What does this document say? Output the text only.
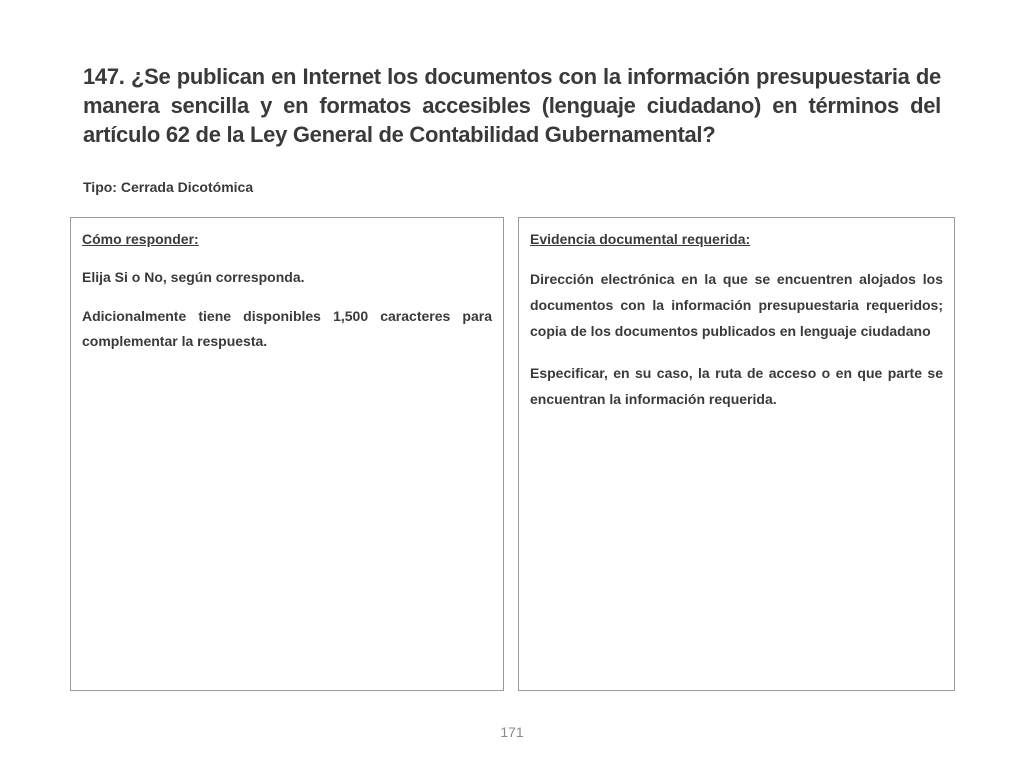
147. ¿Se publican en Internet los documentos con la información presupuestaria de manera sencilla y en formatos accesibles (lenguaje ciudadano) en términos del artículo 62 de la Ley General de Contabilidad Gubernamental?

Tipo: Cerrada Dicotómica

Cómo responder:

Elija Si o No, según corresponda.

Adicionalmente tiene disponibles 1,500 caracteres para complementar la respuesta.

Evidencia documental requerida:

Dirección electrónica en la que se encuentren alojados los documentos con la información presupuestaria requeridos; copia de los documentos publicados en lenguaje ciudadano

Especificar, en su caso, la ruta de acceso o en que parte se encuentran la información requerida.

171
